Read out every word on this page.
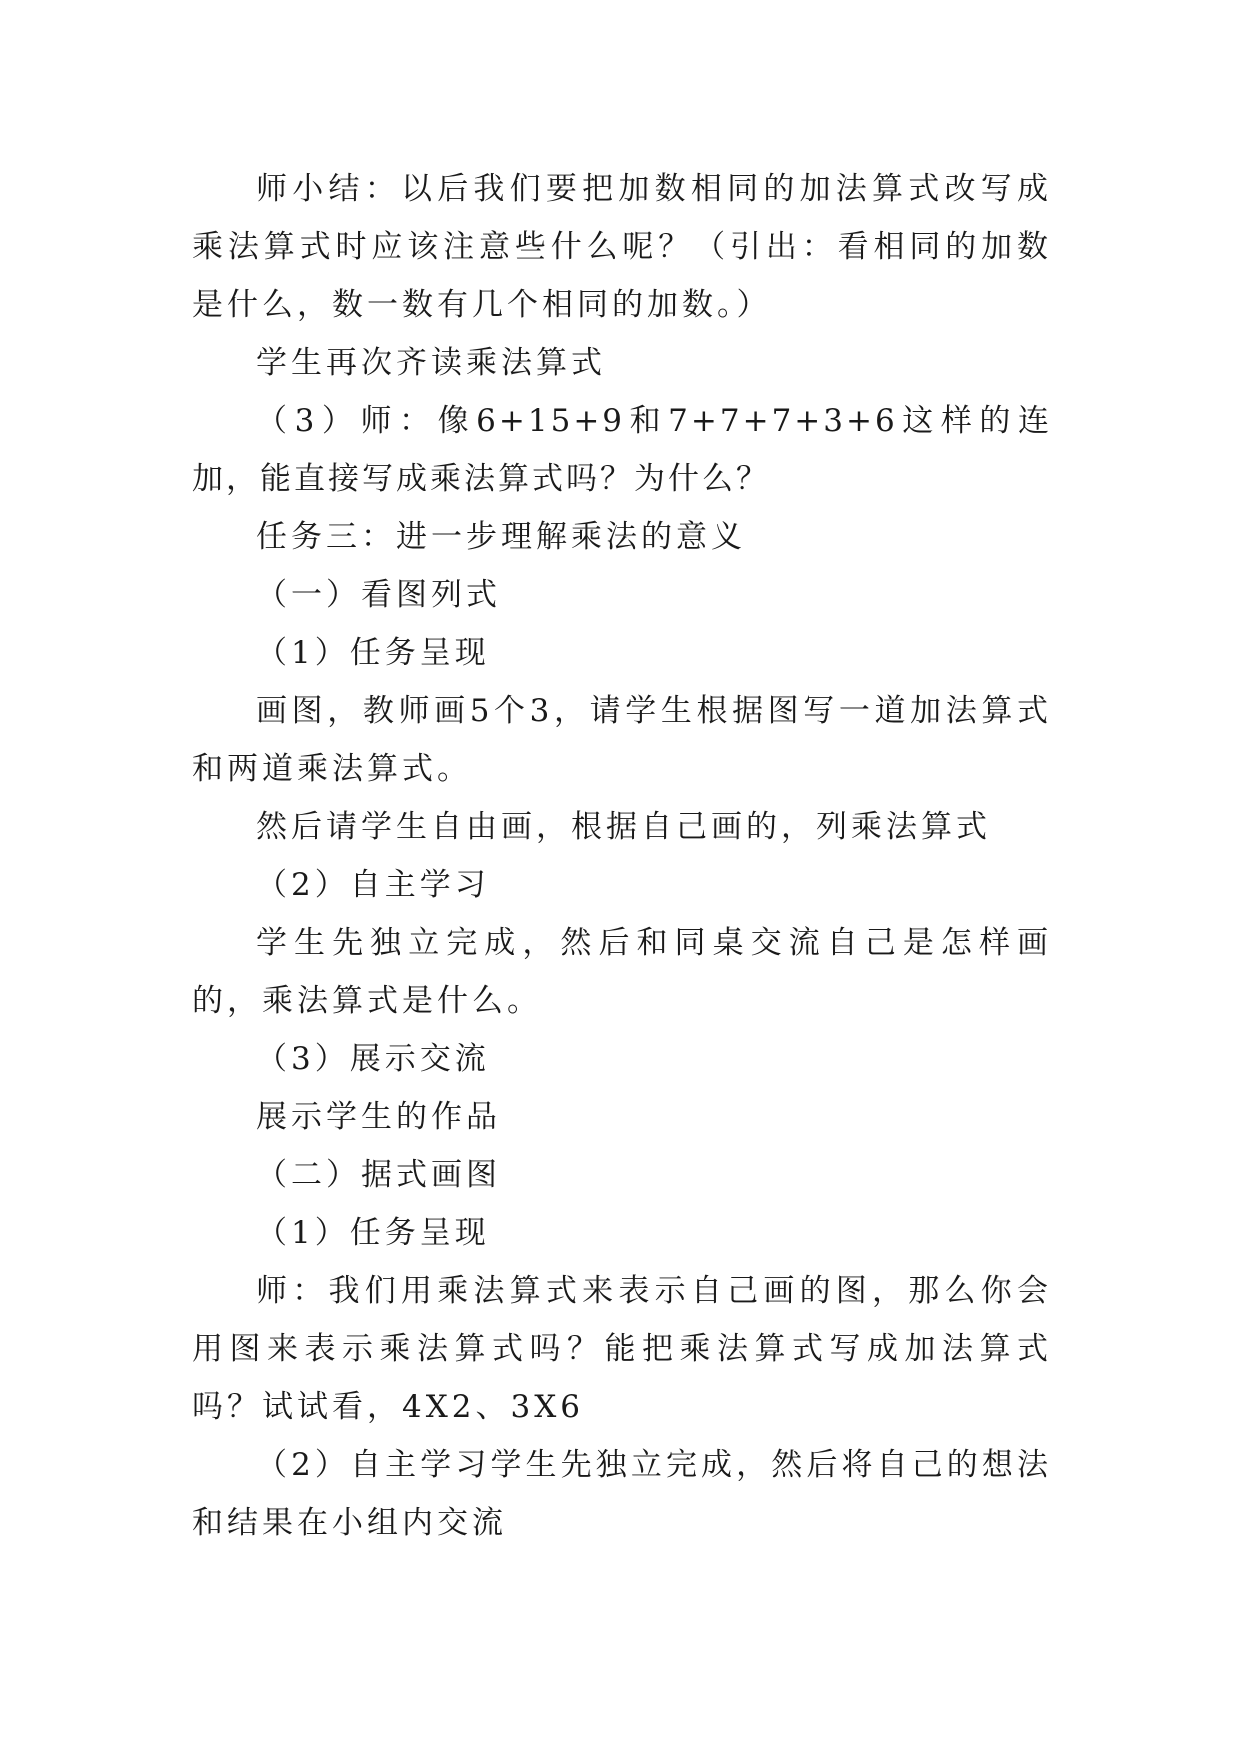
师小结：以后我们要把加数相同的加法算式改写成乘法算式时应该注意些什么呢？（引出：看相同的加数是什么，数一数有几个相同的加数。）

学生再次齐读乘法算式

（3）师：像6+15+9和7+7+7+3+6这样的连加，能直接写成乘法算式吗？为什么？

任务三：进一步理解乘法的意义

（一）看图列式

（1）任务呈现

画图，教师画5个3，请学生根据图写一道加法算式和两道乘法算式。

然后请学生自由画，根据自己画的，列乘法算式

（2）自主学习

学生先独立完成，然后和同桌交流自己是怎样画的，乘法算式是什么。

（3）展示交流

展示学生的作品

（二）据式画图

（1）任务呈现

师：我们用乘法算式来表示自己画的图，那么你会用图来表示乘法算式吗？能把乘法算式写成加法算式吗？试试看，4X2、3X6

（2）自主学习学生先独立完成，然后将自己的想法和结果在小组内交流
